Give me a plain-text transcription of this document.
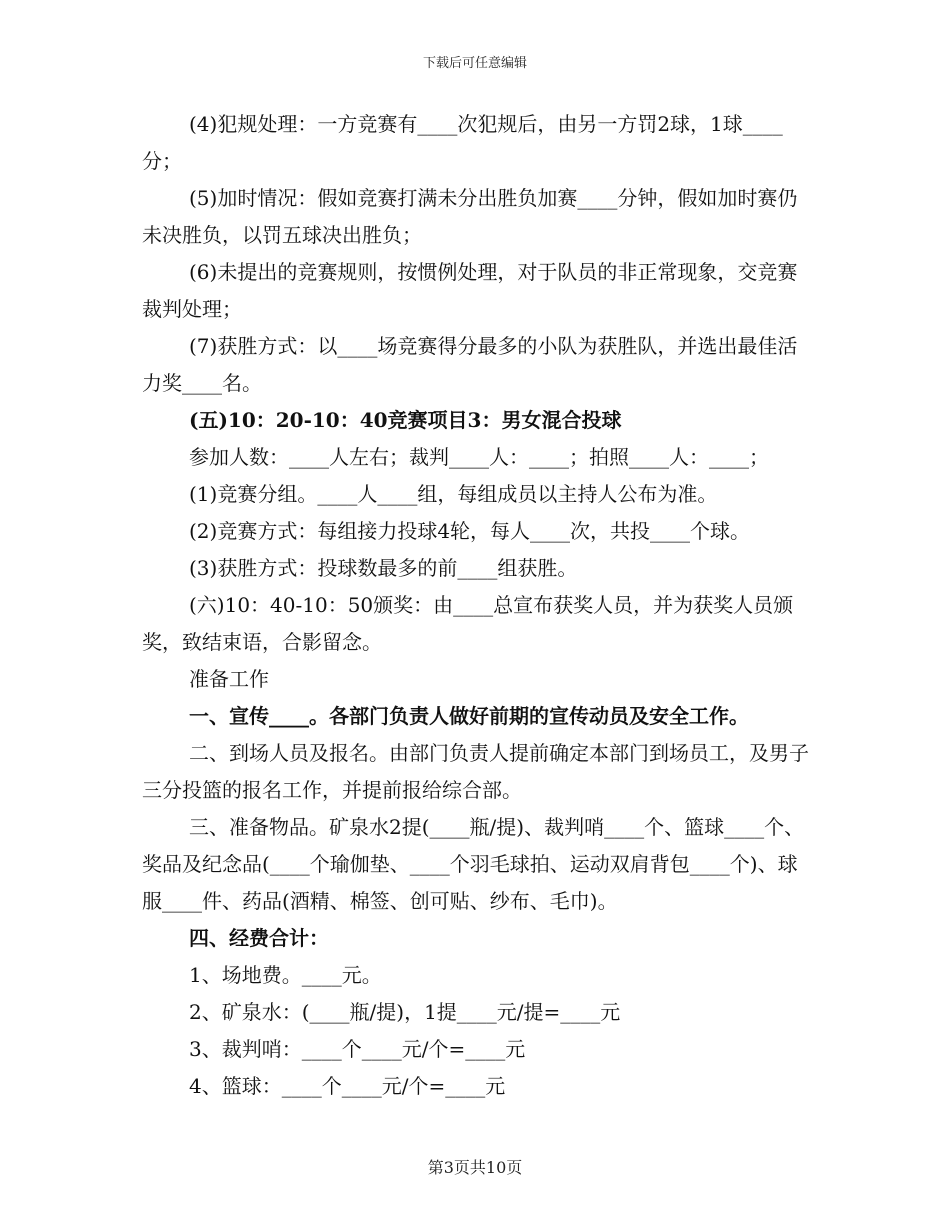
下载后可任意编辑

(4)犯规处理：一方竞赛有____次犯规后，由另一方罚2球，1球____分；

(5)加时情况：假如竞赛打满未分出胜负加赛____分钟，假如加时赛仍未决胜负，以罚五球决出胜负；

(6)未提出的竞赛规则，按惯例处理，对于队员的非正常现象，交竞赛裁判处理；

(7)获胜方式：以____场竞赛得分最多的小队为获胜队，并选出最佳活力奖____名。

(五)10：20-10：40竞赛项目3：男女混合投球

参加人数：____人左右；裁判____人：____；拍照____人：____；

(1)竞赛分组。____人____组，每组成员以主持人公布为准。

(2)竞赛方式：每组接力投球4轮，每人____次，共投____个球。

(3)获胜方式：投球数最多的前____组获胜。

(六)10：40-10：50颁奖：由____总宣布获奖人员，并为获奖人员颁奖，致结束语，合影留念。

准备工作

一、宣传____。各部门负责人做好前期的宣传动员及安全工作。

二、到场人员及报名。由部门负责人提前确定本部门到场员工，及男子三分投篮的报名工作，并提前报给综合部。

三、准备物品。矿泉水2提(____瓶/提)、裁判哨____个、篮球____个、奖品及纪念品(____个瑜伽垫、____个羽毛球拍、运动双肩背包____个)、球服____件、药品(酒精、棉签、创可贴、纱布、毛巾)。

四、经费合计：

1、场地费。____元。

2、矿泉水：(____瓶/提)，1提____元/提=____元

3、裁判哨：____个____元/个=____元

4、篮球：____个____元/个=____元

第3页共10页
